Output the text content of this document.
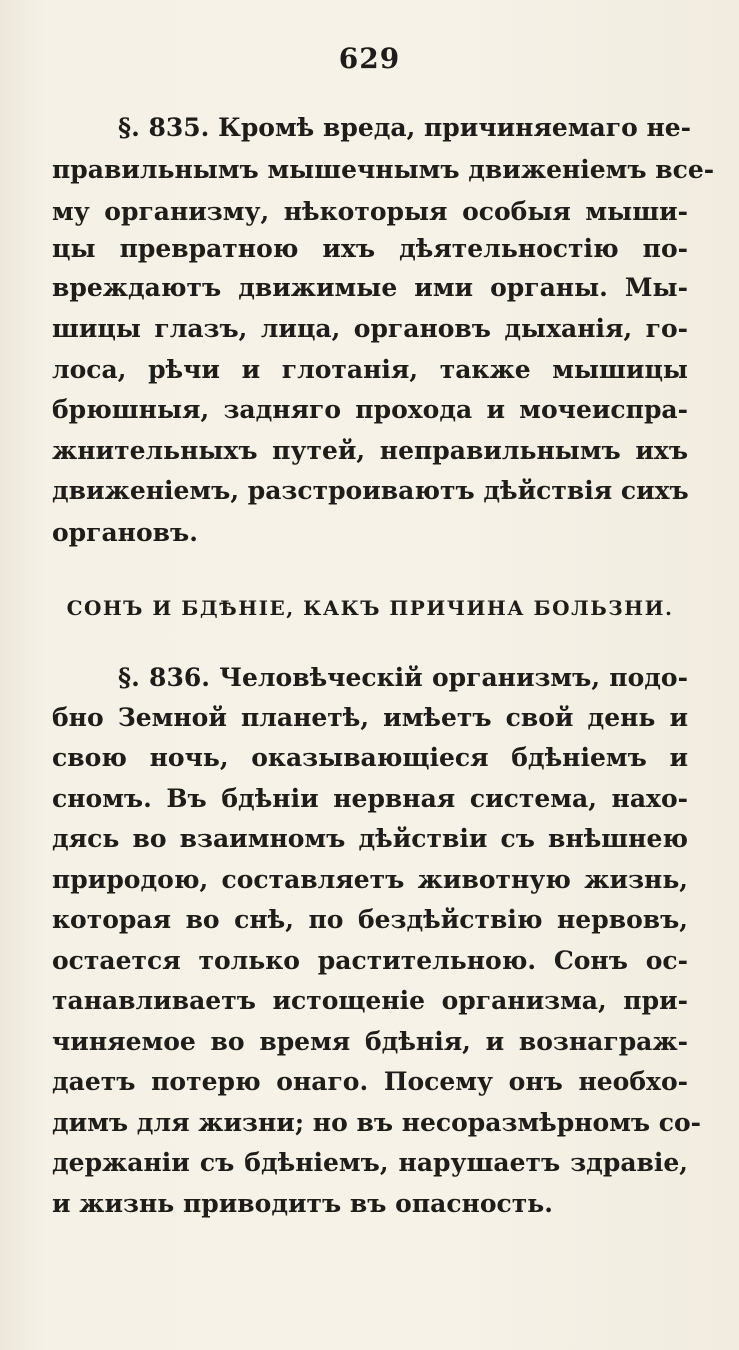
629
§. 835. Кромѣ вреда, причиняемаго не-
правильнымъ мышечнымъ движеніемъ все-
му организму, нѣкоторыя особыя мыши-
цы превратною ихъ дѣятельностію по-
вреждаютъ движимые ими органы. Мы-
шицы глазъ, лица, органовъ дыханія, го-
лоса, рѣчи и глотанія, также мышицы
брюшныя, задняго прохода и мочеиспра-
жнительныхъ путей, неправильнымъ ихъ
движеніемъ, разстроиваютъ дѣйствія сихъ
органовъ.
СОНЪ И БДѢНІЕ, КАКЪ ПРИЧИНА БОЛЬЗНИ.
§. 836. Человѣческій организмъ, подо-
бно Земной планетѣ, имѣетъ свой день и
свою ночь, оказывающіеся бдѣніемъ и
сномъ. Въ бдѣніи нервная система, нахо-
дясь во взаимномъ дѣйствіи съ внѣшнею
природою, составляетъ животную жизнь,
которая во снѣ, по бездѣйствію нервовъ,
остается только растительною. Сонъ ос-
танавливаетъ истощеніе организма, при-
чиняемое во время бдѣнія, и вознаграж-
даетъ потерю онаго. Посему онъ необхо-
димъ для жизни; но въ несоразмѣрномъ со-
держаніи съ бдѣніемъ, нарушаетъ здравіе,
и жизнь приводитъ въ опасность.
